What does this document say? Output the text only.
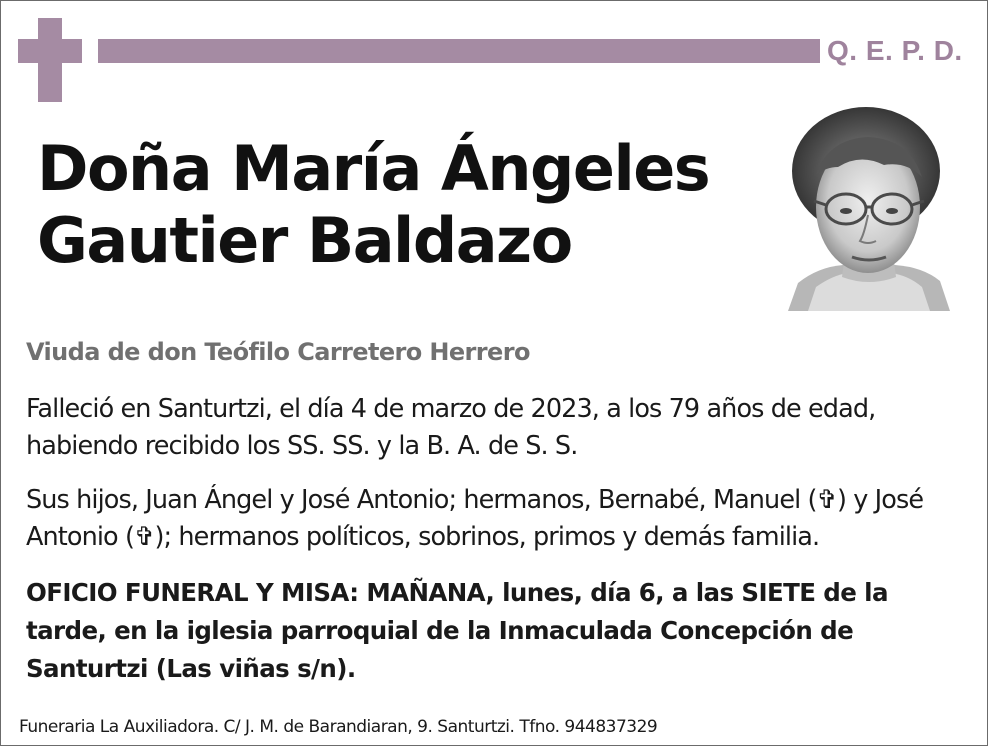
Q. E. P. D.
Doña María Ángeles
Gautier Baldazo
Viuda de don Teófilo Carretero Herrero
Falleció en Santurtzi, el día 4 de marzo de 2023, a los 79 años de edad, habiendo recibido los SS. SS. y la B. A. de S. S.
Sus hijos, Juan Ángel y José Antonio; hermanos, Bernabé, Manuel (✞) y José Antonio (✞); hermanos políticos, sobrinos, primos y demás familia.
OFICIO FUNERAL Y MISA: MAÑANA, lunes, día 6, a las SIETE de la tarde, en la iglesia parroquial de la Inmaculada Concepción de Santurtzi (Las viñas s/n).
Funeraria La Auxiliadora. C/ J. M. de Barandiaran, 9. Santurtzi. Tfno. 944837329
